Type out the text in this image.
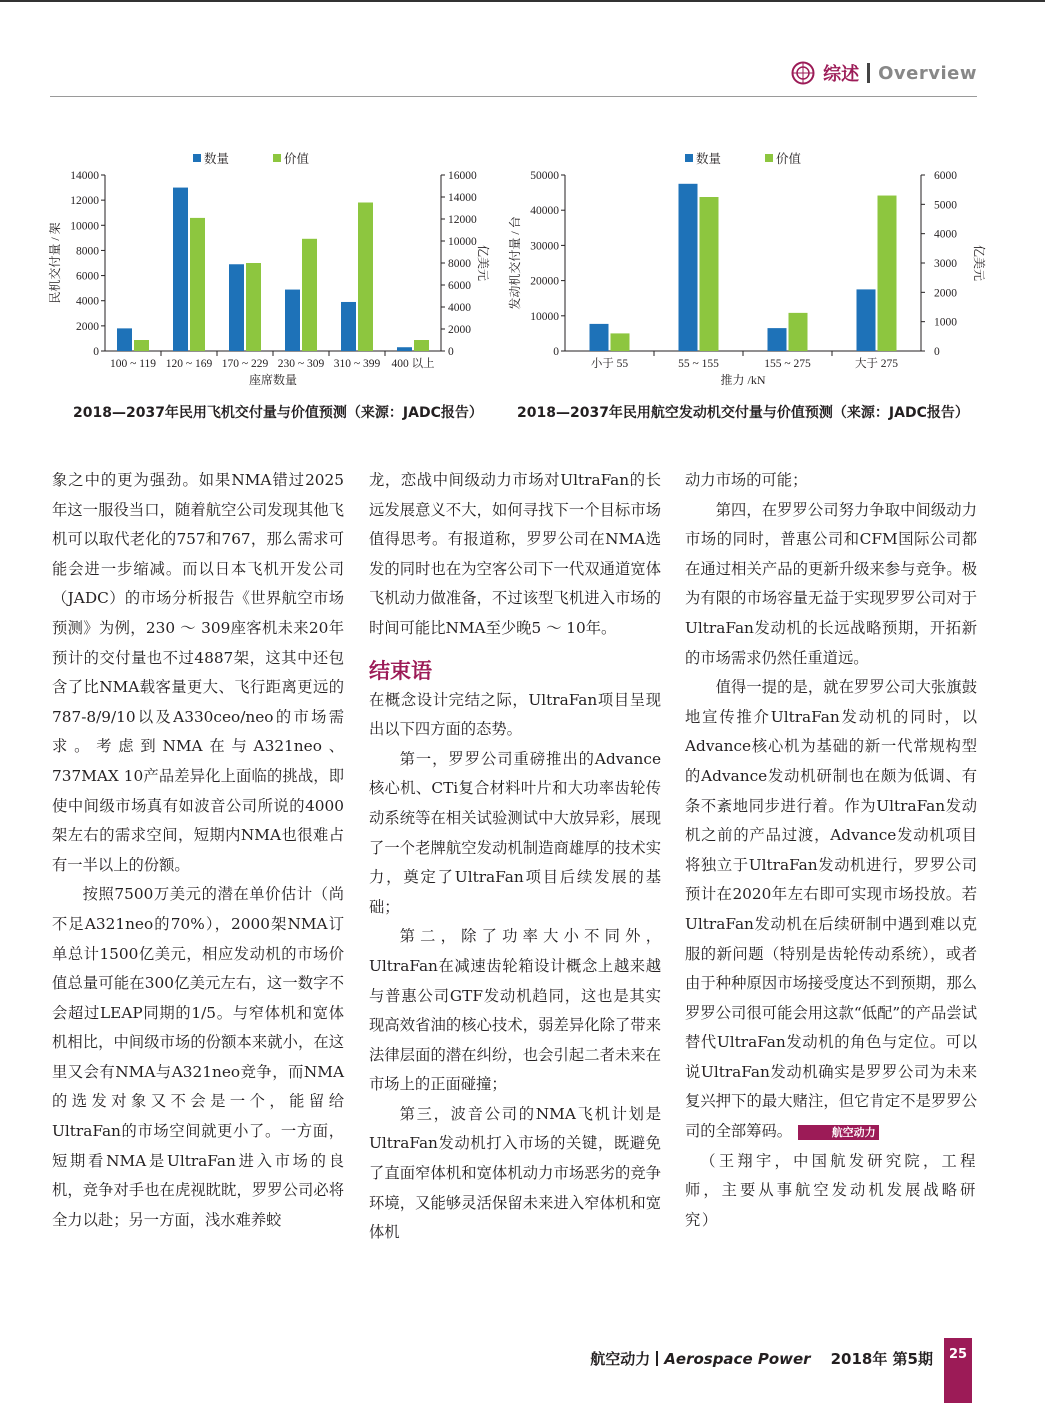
综述 Overview
0
2000
4000
6000
8000
10000
12000
14000
0
2000
4000
6000
8000
10000
12000
14000
16000
100 ~ 119 120 ~ 169 170 ~ 229 230 ~ 309 310 ~ 399 400 以上
座席数量
民机交付量 / 架	亿美元
数量	价值
0
10000
20000
30000
40000
50000
0
1000
2000
3000
4000
5000
6000
小于 55	55 ~ 155	155 ~ 275	大于 275
推力 /kN
发动机交付量 / 台	亿美元
数量	价值
2018—2037年民用飞机交付量与价值预测（来源：JADC报告） 2018—2037年民用航空发动机交付量与价值预测（来源：JADC报告）

象之中的更为强劲。如果NMA错过2025年这一服役当口，随着航空公司发现其他飞机可以取代老化的757和767，那么需求可能会进一步缩减。而以日本飞机开发公司（JADC）的市场分析报告《世界航空市场预测》为例，230 ～ 309座客机未来20年预计的交付量也不过4887架，这其中还包含了比NMA载客量更大、飞行距离更远的787-8/9/10以及A330ceo/neo的市场需求。考虑到NMA在与A321neo、737MAX 10产品差异化上面临的挑战，即使中间级市场真有如波音公司所说的4000架左右的需求空间，短期内NMA也很难占有一半以上的份额。

按照7500万美元的潜在单价估计（尚不足A321neo的70%），2000架NMA订单总计1500亿美元，相应发动机的市场价值总量可能在300亿美元左右，这一数字不会超过LEAP同期的1/5。与窄体机和宽体机相比，中间级市场的份额本来就小，在这里又会有NMA与A321neo竞争，而NMA的选发对象又不会是一个，能留给UltraFan的市场空间就更小了。一方面，短期看NMA是UltraFan进入市场的良机，竞争对手也在虎视眈眈，罗罗公司必将全力以赴；另一方面，浅水难养蛟

龙，恋战中间级动力市场对UltraFan的长远发展意义不大，如何寻找下一个目标市场值得思考。有报道称，罗罗公司在NMA选发的同时也在为空客公司下一代双通道宽体飞机动力做准备，不过该型飞机进入市场的时间可能比NMA至少晚5 ～ 10年。

结束语

在概念设计完结之际，UltraFan项目呈现出以下四方面的态势。

第一，罗罗公司重磅推出的Advance核心机、CTi复合材料叶片和大功率齿轮传动系统等在相关试验测试中大放异彩，展现了一个老牌航空发动机制造商雄厚的技术实力，奠定了UltraFan项目后续发展的基础；

第二，除了功率大小不同外，UltraFan在减速齿轮箱设计概念上越来越与普惠公司GTF发动机趋同，这也是其实现高效省油的核心技术，弱差异化除了带来法律层面的潜在纠纷，也会引起二者未来在市场上的正面碰撞；

第三，波音公司的NMA飞机计划是UltraFan发动机打入市场的关键，既避免了直面窄体机和宽体机动力市场恶劣的竞争环境，又能够灵活保留未来进入窄体机和宽体机

动力市场的可能；

第四，在罗罗公司努力争取中间级动力市场的同时，普惠公司和CFM国际公司都在通过相关产品的更新升级来参与竞争。极为有限的市场容量无益于实现罗罗公司对于UltraFan发动机的长远战略预期，开拓新的市场需求仍然任重道远。

值得一提的是，就在罗罗公司大张旗鼓地宣传推介UltraFan发动机的同时，以Advance核心机为基础的新一代常规构型的Advance发动机研制也在颇为低调、有条不紊地同步进行着。作为UltraFan发动机之前的产品过渡，Advance发动机项目将独立于UltraFan发动机进行，罗罗公司预计在2020年左右即可实现市场投放。若UltraFan发动机在后续研制中遇到难以克服的新问题（特别是齿轮传动系统），或者由于种种原因市场接受度达不到预期，那么罗罗公司很可能会用这款“低配”的产品尝试替代UltraFan发动机的角色与定位。可以说UltraFan发动机确实是罗罗公司为未来复兴押下的最大赌注，但它肯定不是罗罗公司的全部筹码。	航空动力

（王翔宇，中国航发研究院，工程师，主要从事航空发动机发展战略研究）

航空动力 Aerospace Power 2018年 第5期	25
